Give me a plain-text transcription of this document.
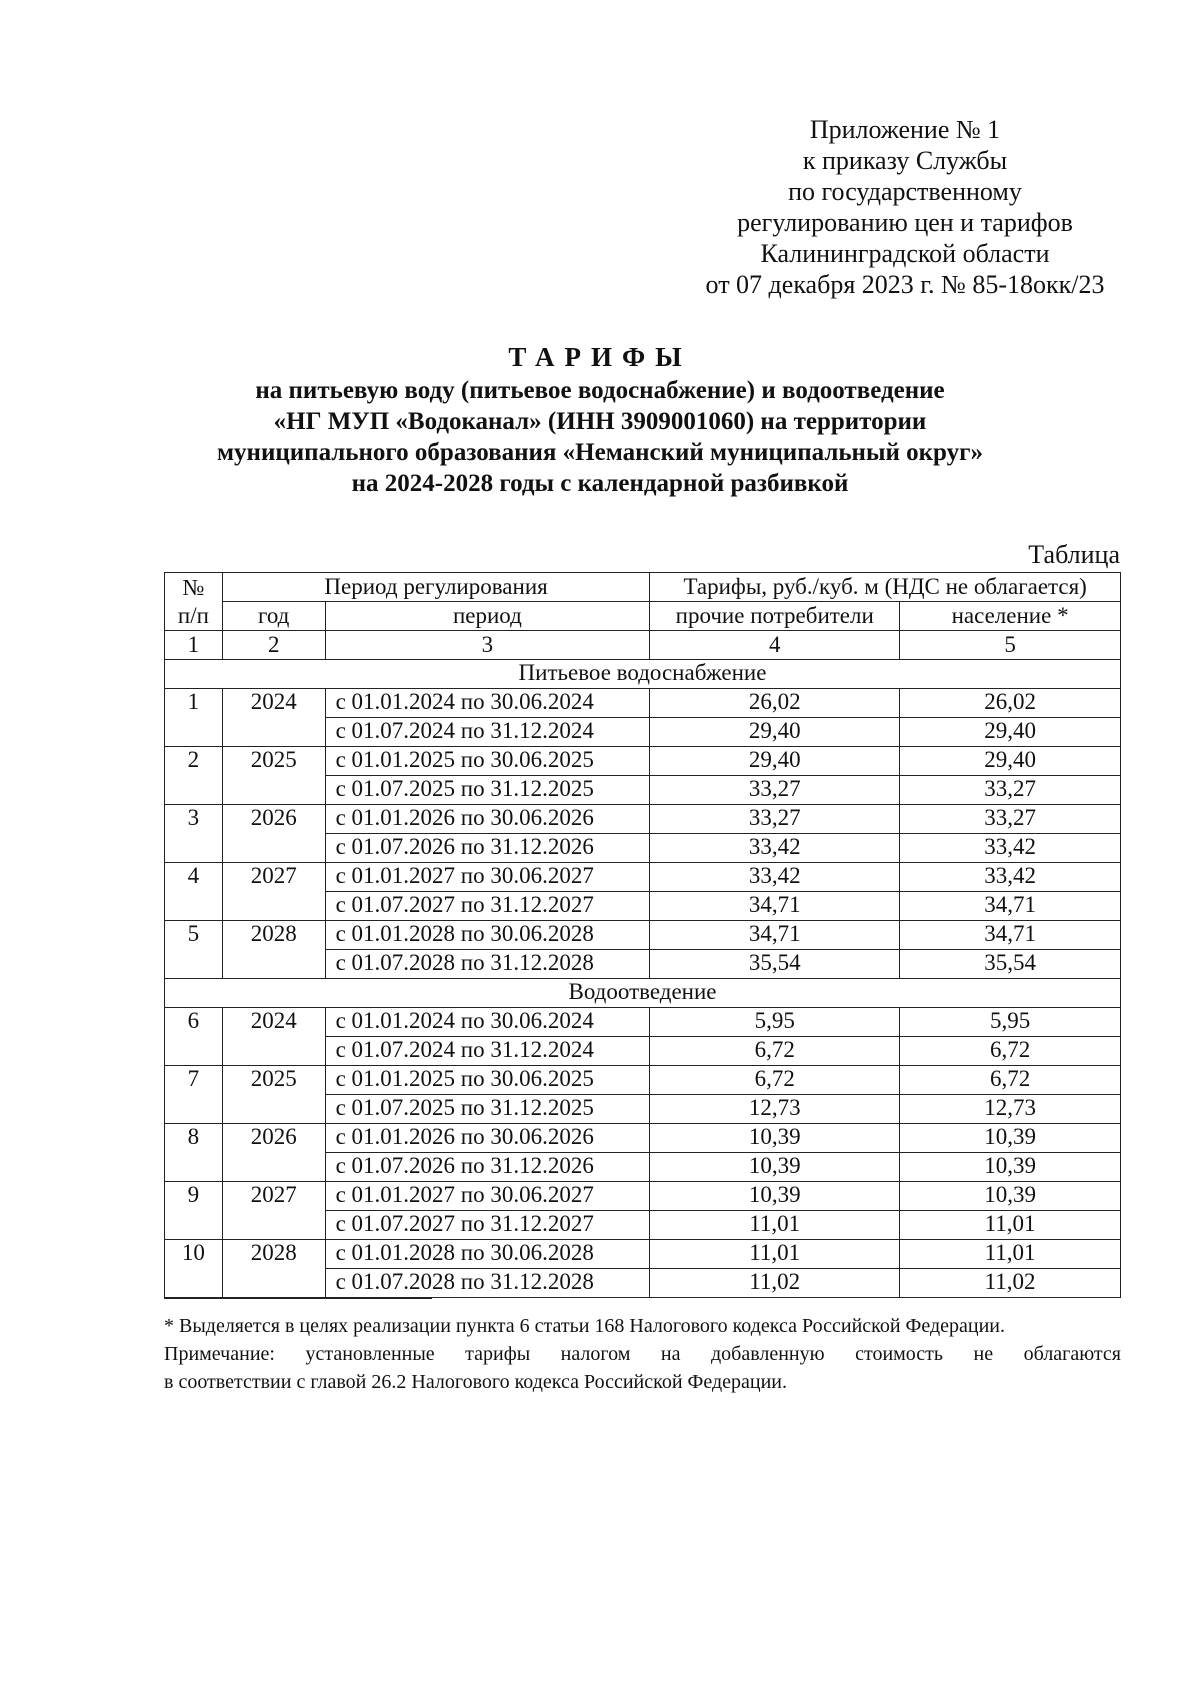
Приложение № 1
к приказу Службы
по государственному
регулированию цен и тарифов
Калининградской области
от 07 декабря 2023 г. № 85-18окк/23
ТАРИФЫ
на питьевую воду (питьевое водоснабжение) и водоотведение
«НГ МУП «Водоканал» (ИНН 3909001060) на территории
муниципального образования «Неманский муниципальный округ»
на 2024-2028 годы с календарной разбивкой
Таблица
№
п/п	Период регулирования		Тарифы, руб./куб. м (НДС не облагается)	
	год	период	прочие потребители	население *
1	2	3	4	5
Питьевое водоснабжение				
1	2024	с 01.01.2024 по 30.06.2024	26,02	26,02
		с 01.07.2024 по 31.12.2024	29,40	29,40
2	2025	с 01.01.2025 по 30.06.2025	29,40	29,40
		с 01.07.2025 по 31.12.2025	33,27	33,27
3	2026	с 01.01.2026 по 30.06.2026	33,27	33,27
		с 01.07.2026 по 31.12.2026	33,42	33,42
4	2027	с 01.01.2027 по 30.06.2027	33,42	33,42
		с 01.07.2027 по 31.12.2027	34,71	34,71
5	2028	с 01.01.2028 по 30.06.2028	34,71	34,71
		с 01.07.2028 по 31.12.2028	35,54	35,54
Водоотведение				
6	2024	с 01.01.2024 по 30.06.2024	5,95	5,95
		с 01.07.2024 по 31.12.2024	6,72	6,72
7	2025	с 01.01.2025 по 30.06.2025	6,72	6,72
		с 01.07.2025 по 31.12.2025	12,73	12,73
8	2026	с 01.01.2026 по 30.06.2026	10,39	10,39
		с 01.07.2026 по 31.12.2026	10,39	10,39
9	2027	с 01.01.2027 по 30.06.2027	10,39	10,39
		с 01.07.2027 по 31.12.2027	11,01	11,01
10	2028	с 01.01.2028 по 30.06.2028	11,01	11,01
		с 01.07.2028 по 31.12.2028	11,02	11,02
* Выделяется в целях реализации пункта 6 статьи 168 Налогового кодекса Российской Федерации.
Примечание: установленные тарифы налогом на добавленную стоимость не облагаются
в соответствии с главой 26.2 Налогового кодекса Российской Федерации.
